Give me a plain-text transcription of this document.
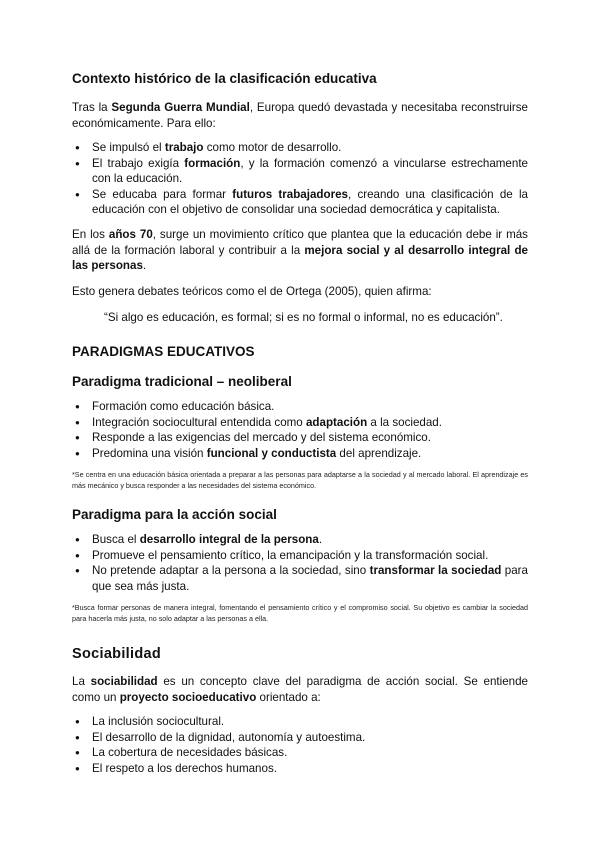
Contexto histórico de la clasificación educativa

Tras la Segunda Guerra Mundial, Europa quedó devastada y necesitaba reconstruirse económicamente. Para ello:

● Se impulsó el trabajo como motor de desarrollo.
● El trabajo exigía formación, y la formación comenzó a vincularse estrechamente con la educación.
● Se educaba para formar futuros trabajadores, creando una clasificación de la educación con el objetivo de consolidar una sociedad democrática y capitalista.

En los años 70, surge un movimiento crítico que plantea que la educación debe ir más allá de la formación laboral y contribuir a la mejora social y al desarrollo integral de las personas.

Esto genera debates teóricos como el de Ortega (2005), quien afirma:

“Si algo es educación, es formal; si es no formal o informal, no es educación”.

PARADIGMAS EDUCATIVOS
Paradigma tradicional – neoliberal
● Formación como educación básica.
● Integración sociocultural entendida como adaptación a la sociedad.
● Responde a las exigencias del mercado y del sistema económico.
● Predomina una visión funcional y conductista del aprendizaje.

*Se centra en una educación básica orientada a preparar a las personas para adaptarse a la sociedad y al mercado laboral. El aprendizaje es más mecánico y busca responder a las necesidades del sistema económico.

Paradigma para la acción social
● Busca el desarrollo integral de la persona.
● Promueve el pensamiento crítico, la emancipación y la transformación social.
● No pretende adaptar a la persona a la sociedad, sino transformar la sociedad para que sea más justa.

*Busca formar personas de manera integral, fomentando el pensamiento crítico y el compromiso social. Su objetivo es cambiar la sociedad para hacerla más justa, no solo adaptar a las personas a ella.

Sociabilidad

La sociabilidad es un concepto clave del paradigma de acción social. Se entiende como un proyecto socioeducativo orientado a:

● La inclusión sociocultural.
● El desarrollo de la dignidad, autonomía y autoestima.
● La cobertura de necesidades básicas.
● El respeto a los derechos humanos.
